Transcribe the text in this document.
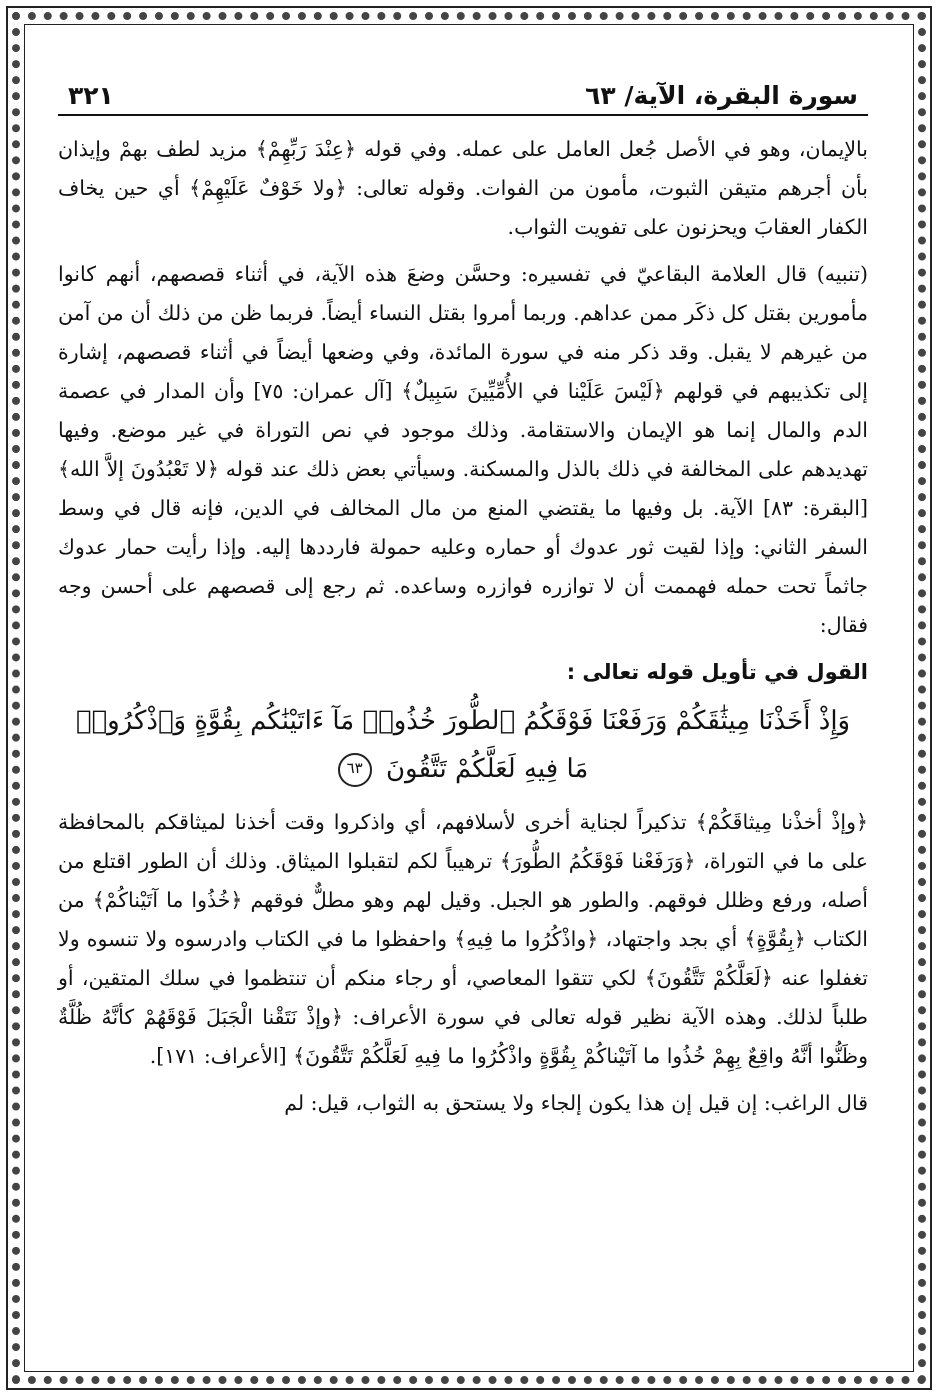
سورة البقرة، الآية/ ٦٣
٣٢١

بالإيمان، وهو في الأصل جُعل العامل على عمله. وفي قوله ﴿عِنْدَ رَبِّهِمْ﴾ مزيد لطف بهمْ وإيذان بأن أجرهم متيقن الثبوت، مأمون من الفوات. وقوله تعالى: ﴿ولا خَوْفٌ عَلَيْهِمْ﴾ أي حين يخاف الكفار العقابَ ويحزنون على تفويت الثواب.

(تنبيه) قال العلامة البقاعيّ في تفسيره: وحسَّن وضعَ هذه الآية، في أثناء قصصهم، أنهم كانوا مأمورين بقتل كل ذكَر ممن عداهم. وربما أمروا بقتل النساء أيضاً. فربما ظن من ذلك أن من آمن من غيرهم لا يقبل. وقد ذكر منه في سورة المائدة، وفي وضعها أيضاً في أثناء قصصهم، إشارة إلى تكذيبهم في قولهم ﴿لَيْسَ عَلَيْنا في الأُمِّيِّينَ سَبِيلٌ﴾ [آل عمران: ٧٥] وأن المدار في عصمة الدم والمال إنما هو الإيمان والاستقامة. وذلك موجود في نص التوراة في غير موضع. وفيها تهديدهم على المخالفة في ذلك بالذل والمسكنة. وسيأتي بعض ذلك عند قوله ﴿لا تَعْبُدُونَ إلاَّ الله﴾ [البقرة: ٨٣] الآية. بل وفيها ما يقتضي المنع من مال المخالف في الدين، فإنه قال في وسط السفر الثاني: وإذا لقيت ثور عدوك أو حماره وعليه حمولة فارددها إليه. وإذا رأيت حمار عدوك جاثماً تحت حمله فهممت أن لا توازره فوازره وساعده. ثم رجع إلى قصصهم على أحسن وجه فقال:

القول في تأويل قوله تعالى :
وَإِذْ أَخَذْنَا مِيثَٰقَكُمْ وَرَفَعْنَا فَوْقَكُمُ ٱلطُّورَ خُذُوا۟ مَآ ءَاتَيْنَٰكُم بِقُوَّةٍ وَٱذْكُرُوا۟ مَا فِيهِ لَعَلَّكُمْ تَتَّقُونَ ٦٣

﴿وإذْ أخذْنا مِيثاقَكُمْ﴾ تذكيراً لجناية أخرى لأسلافهم، أي واذكروا وقت أخذنا لميثاقكم بالمحافظة على ما في التوراة، ﴿وَرَفَعْنا فَوْقَكُمُ الطُّورَ﴾ ترهيباً لكم لتقبلوا الميثاق. وذلك أن الطور اقتلع من أصله، ورفع وظلل فوقهم. والطور هو الجبل. وقيل لهم وهو مطلٌّ فوقهم ﴿خُذُوا ما آتَيْناكُمْ﴾ من الكتاب ﴿بِقُوَّةٍ﴾ أي بجد واجتهاد، ﴿واذْكُرُوا ما فِيهِ﴾ واحفظوا ما في الكتاب وادرسوه ولا تنسوه ولا تغفلوا عنه ﴿لَعَلَّكُمْ تَتَّقُونَ﴾ لكي تتقوا المعاصي، أو رجاء منكم أن تنتظموا في سلك المتقين، أو طلباً لذلك. وهذه الآية نظير قوله تعالى في سورة الأعراف: ﴿وإذْ نَتَقْنا الْجَبَلَ فَوْقَهُمْ كأنَّهُ ظُلَّةٌ وظَنُّوا أنَّهُ واقِعٌ بِهِمْ خُذُوا ما آتَيْناكُمْ بِقُوَّةٍ واذْكُرُوا ما فِيهِ لَعَلَّكُمْ تَتَّقُونَ﴾ [الأعراف: ١٧١].

قال الراغب: إن قيل إن هذا يكون إلجاء ولا يستحق به الثواب، قيل: لم
